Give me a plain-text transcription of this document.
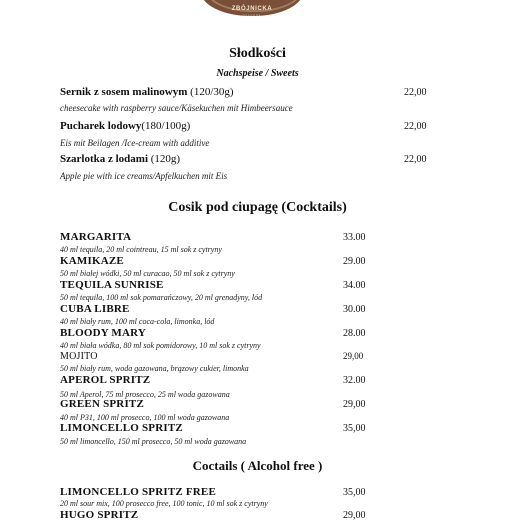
ZBÓJNICKA
gospoda
Słodkości
Nachspeise / Sweets
Sernik z sosem malinowym (120/30g)	22,00
cheesecake with raspberry sauce/Käsekuchen mit Himbeersauce
Pucharek lodowy(180/100g)	22,00
Eis mit Beilagen /Ice-cream with additive
Szarlotka z lodami (120g)	22,00
Apple pie with ice creams/Apfelkuchen mit Eis
Cosik pod ciupagę (Cocktails)
MARGARITA	33.00
40 ml tequila, 20 ml cointreau, 15 ml sok z cytryny
KAMIKAZE	29.00
50 ml białej wódki, 50 ml curacao, 50 ml sok z cytryny
TEQUILA SUNRISE	34.00
50 ml tequila, 100 ml sok pomarańczowy, 20 ml grenadyny, lód
CUBA LIBRE	30.00
40 ml biały rum, 100 ml coca-cola, limonka, lód
BLOODY MARY	28.00
40 ml biała wódka, 80 ml sok pomidorowy, 10 ml sok z cytryny
MOJITO	29,00
50 ml biały rum, woda gazowana, brązowy cukier, limonka
APEROL SPRITZ	32.00
50 ml Aperol, 75 ml prosecco, 25 ml woda gazowana
GREEN SPRITZ	29,00
40 ml P31, 100 ml prosecco, 100 ml woda gazowana
LIMONCELLO SPRITZ	35,00
50 ml limoncello, 150 ml prosecco, 50 ml woda gazowana
Coctails ( Alcohol free )
LIMONCELLO SPRITZ FREE	35,00
20 ml sour mix, 100 prosecco free, 100 tonic, 10 ml sok z cytryny
HUGO SPRITZ	29,00
